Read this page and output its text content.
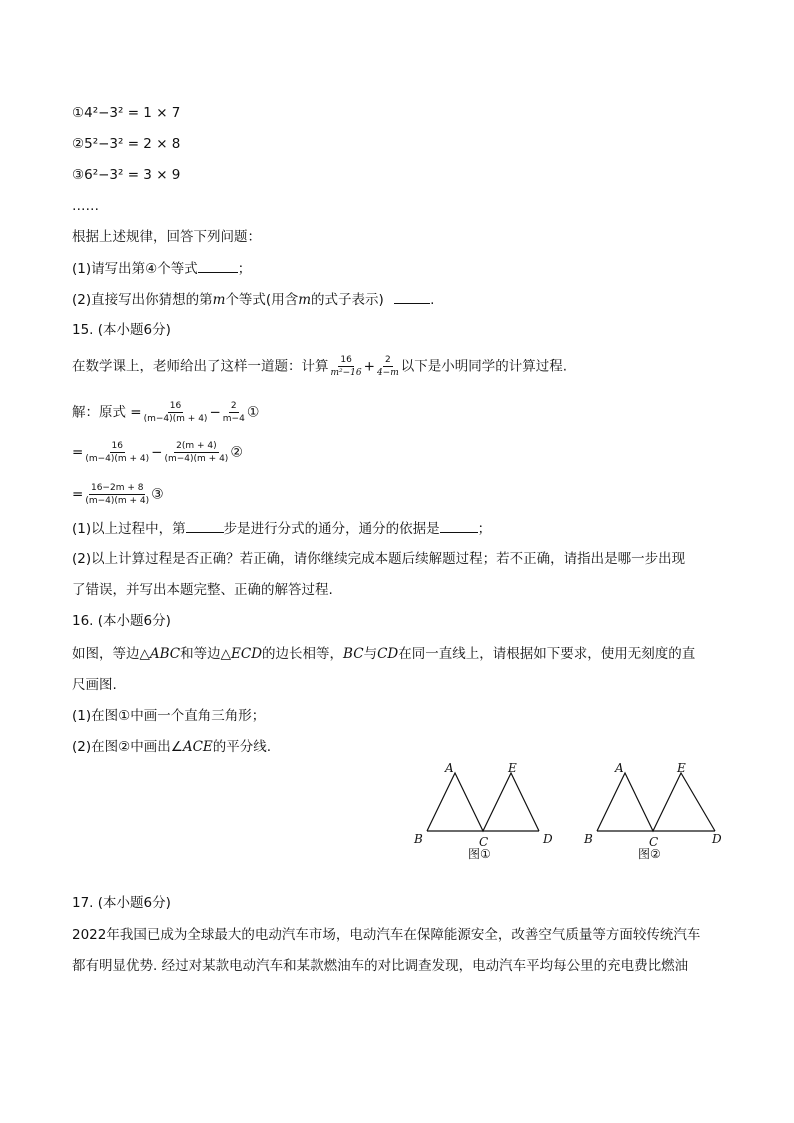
①4²−3² = 1 × 7
②5²−3² = 2 × 8
③6²−3² = 3 × 9
……
根据上述规律，回答下列问题：
(1)请写出第④个等式	；
(2)直接写出你猜想的第m个等式(用含m的式子表示)	.
15. (本小题6分)
在数学课上，老师给出了这样一道题：计算 $\frac{16}{\text{m²−16}} + \frac{2}{4-m}$ 以下是小明同学的计算过程.
解：原式 = $\frac{16}{(m-4)(m + 4)} - \frac{2}{m-4}$ ①
= $\frac{16}{(m-4)(m + 4)} - \frac{2(m + 4)}{(m-4)(m + 4)}$ ②
= $\frac{16-2m + 8}{(m-4)(m + 4)}$ ③
(1)以上过程中，第	步是进行分式的通分，通分的依据是	；
(2)以上计算过程是否正确？若正确，请你继续完成本题后续解题过程；若不正确，请指出是哪一步出现
了错误，并写出本题完整、正确的解答过程.
16. (本小题6分)
如图，等边△ABC和等边△ECD的边长相等，BC与CD在同一直线上，请根据如下要求，使用无刻度的直
尺画图.
(1)在图①中画一个直角三角形；
(2)在图②中画出∠ACE的平分线.
A	E
B	C	D
图①
A	E
B	C	D
图②
17. (本小题6分)
2022年我国已成为全球最大的电动汽车市场，电动汽车在保障能源安全，改善空气质量等方面较传统汽车
都有明显优势. 经过对某款电动汽车和某款燃油车的对比调查发现，电动汽车平均每公里的充电费比燃油
